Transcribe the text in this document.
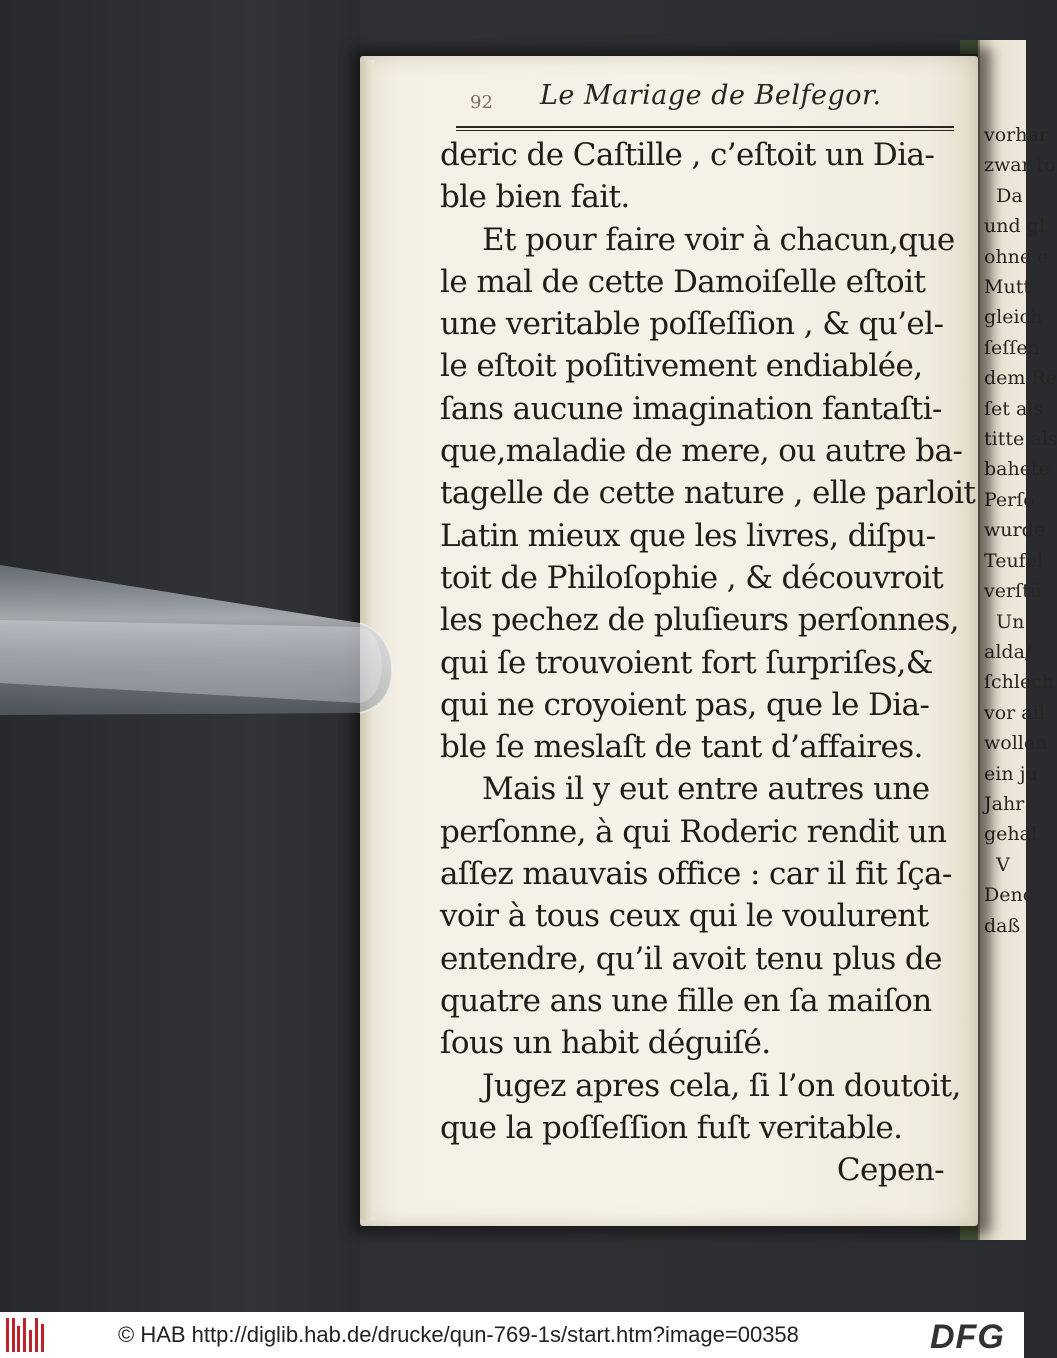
vorhar
zwar to
Da
und gl
ohne e
Mutt
gleich
ſeſſen
dem Re
ſet als
titte als
bahete
Perſo
wurde
Teufel
verſtü
Un
alda/
ſchlech
vor all
wollen
ein ju
Jahr
gehal
V
Denc
daß
92 Le Mariage de Belfegor.
deric de Caſtille , c’eſtoit un Dia-
ble bien fait.
Et pour faire voir à chacun,que
le mal de cette Damoiſelle eſtoit
une veritable poſſeſſion , & qu’el-
le eſtoit poſitivement endiablée,
ſans aucune imagination fantaſti-
que,maladie de mere, ou autre ba-
tagelle de cette nature , elle parloit
Latin mieux que les livres, diſpu-
toit de Philoſophie , & découvroit
les pechez de pluſieurs perſonnes,
qui ſe trouvoient fort ſurpriſes,&
qui ne croyoient pas, que le Dia-
ble ſe meslaſt de tant d’affaires.
Mais il y eut entre autres une
perſonne, à qui Roderic rendit un
aſſez mauvais office : car il fit ſça-
voir à tous ceux qui le voulurent
entendre, qu’il avoit tenu plus de
quatre ans une fille en ſa maiſon
ſous un habit déguiſé.
Jugez apres cela, ſi l’on doutoit,
que la poſſeſſion fuſt veritable.
Cepen-
© HAB http://diglib.hab.de/drucke/qun-769-1s/start.htm?image=00358	DFG
